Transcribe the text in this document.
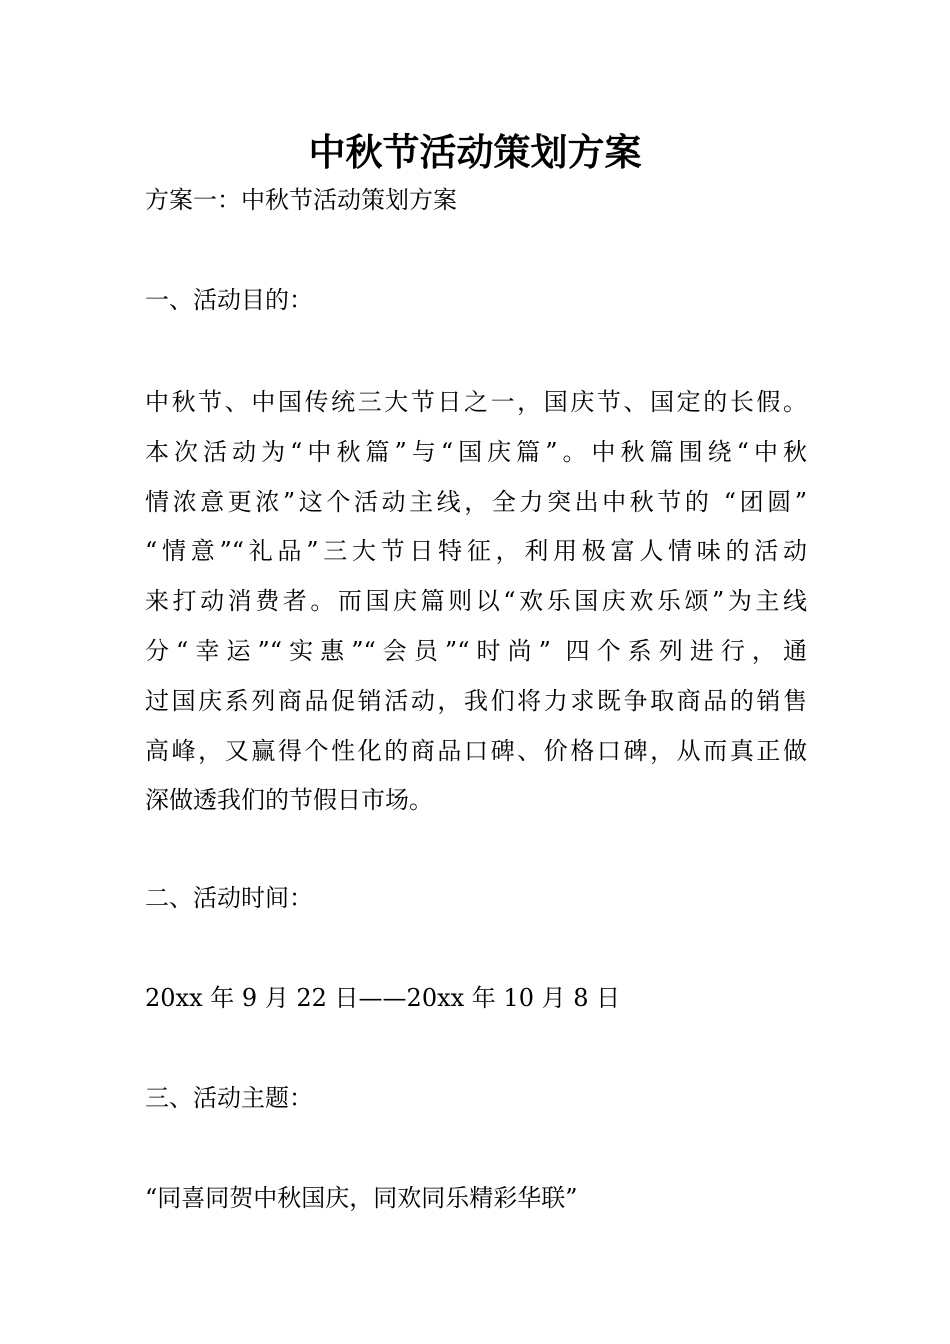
中秋节活动策划方案
方案一：中秋节活动策划方案
一、活动目的：
中秋节、中国传统三大节日之一，国庆节、国定的长假。
本次活动为“中秋篇”与“国庆篇”。中秋篇围绕“中秋
情浓意更浓”这个活动主线，全力突出中秋节的 “团圆”
“情意”“礼品”三大节日特征，利用极富人情味的活动
来打动消费者。而国庆篇则以“欢乐国庆欢乐颂”为主线
分“幸运”“实惠”“会员”“时尚” 四个系列进行，通
过国庆系列商品促销活动，我们将力求既争取商品的销售
高峰，又赢得个性化的商品口碑、价格口碑，从而真正做
深做透我们的节假日市场。
二、活动时间：
20xx 年 9 月 22 日——20xx 年 10 月 8 日
三、活动主题：
“同喜同贺中秋国庆，同欢同乐精彩华联”
